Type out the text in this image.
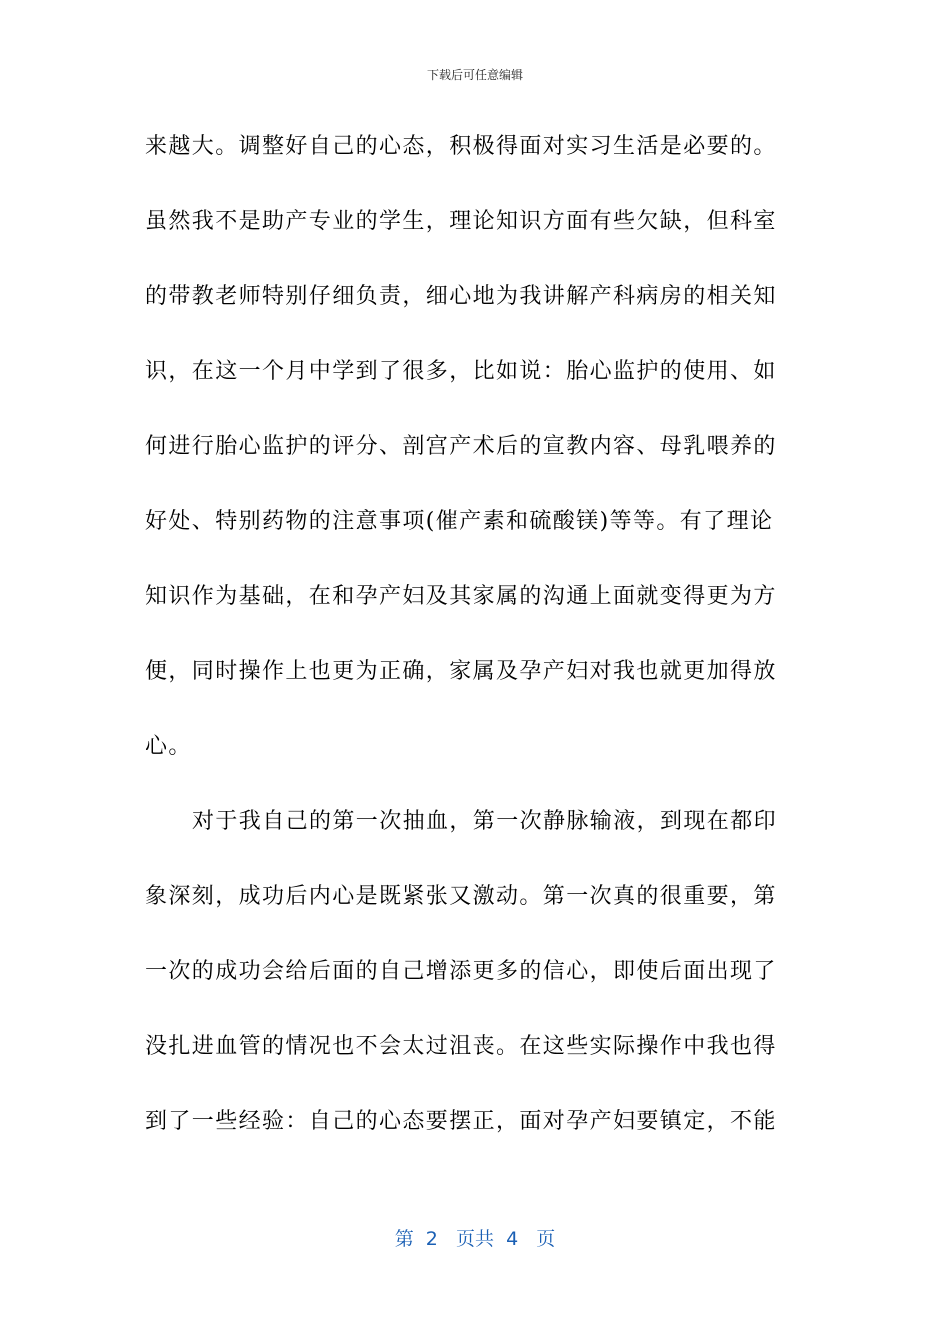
下载后可任意编辑
来越大。调整好自己的心态，积极得面对实习生活是必要的。
虽然我不是助产专业的学生，理论知识方面有些欠缺，但科室
的带教老师特别仔细负责，细心地为我讲解产科病房的相关知
识，在这一个月中学到了很多，比如说：胎心监护的使用、如
何进行胎心监护的评分、剖宫产术后的宣教内容、母乳喂养的
好处、特别药物的注意事项(催产素和硫酸镁)等等。有了理论
知识作为基础，在和孕产妇及其家属的沟通上面就变得更为方
便，同时操作上也更为正确，家属及孕产妇对我也就更加得放
心。
对于我自己的第一次抽血，第一次静脉输液，到现在都印
象深刻，成功后内心是既紧张又激动。第一次真的很重要，第
一次的成功会给后面的自己增添更多的信心，即使后面出现了
没扎进血管的情况也不会太过沮丧。在这些实际操作中我也得
到了一些经验：自己的心态要摆正，面对孕产妇要镇定，不能
第  2   页共  4   页
